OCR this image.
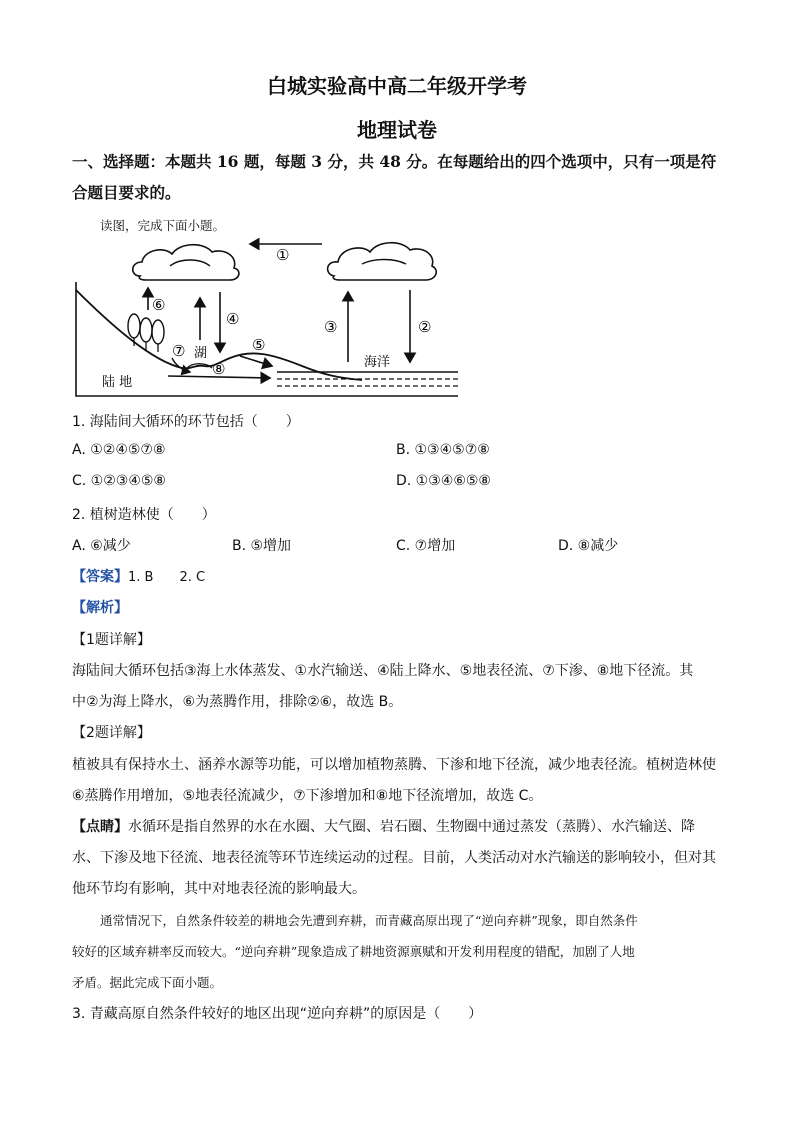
白城实验高中高二年级开学考
地理试卷
一、选择题：本题共 16 题，每题 3 分，共 48 分。在每题给出的四个选项中，只有一项是符
合题目要求的。
读图，完成下面小题。
①
②
③
④
⑤
⑥
⑦
⑧
湖
陆 地
海洋
1. 海陆间大循环的环节包括（　　）
A. ①②④⑤⑦⑧	B. ①③④⑤⑦⑧
C. ①②③④⑤⑧	D. ①③④⑥⑤⑧
2. 植树造林使（　　）
A. ⑥减少	B. ⑤增加	C. ⑦增加	D. ⑧减少
【答案】1. B　　2. C
【解析】
【1题详解】
海陆间大循环包括③海上水体蒸发、①水汽输送、④陆上降水、⑤地表径流、⑦下渗、⑧地下径流。其
中②为海上降水，⑥为蒸腾作用，排除②⑥，故选 B。
【2题详解】
植被具有保持水土、涵养水源等功能，可以增加植物蒸腾、下渗和地下径流，减少地表径流。植树造林使
⑥蒸腾作用增加，⑤地表径流减少，⑦下渗增加和⑧地下径流增加，故选 C。
【点睛】水循环是指自然界的水在水圈、大气圈、岩石圈、生物圈中通过蒸发（蒸腾）、水汽输送、降
水、下渗及地下径流、地表径流等环节连续运动的过程。目前，人类活动对水汽输送的影响较小，但对其
他环节均有影响，其中对地表径流的影响最大。
通常情况下，自然条件较差的耕地会先遭到弃耕，而青藏高原出现了“逆向弃耕”现象，即自然条件
较好的区域弃耕率反而较大。“逆向弃耕”现象造成了耕地资源禀赋和开发利用程度的错配，加剧了人地
矛盾。据此完成下面小题。
3. 青藏高原自然条件较好的地区出现“逆向弃耕”的原因是（　　）
